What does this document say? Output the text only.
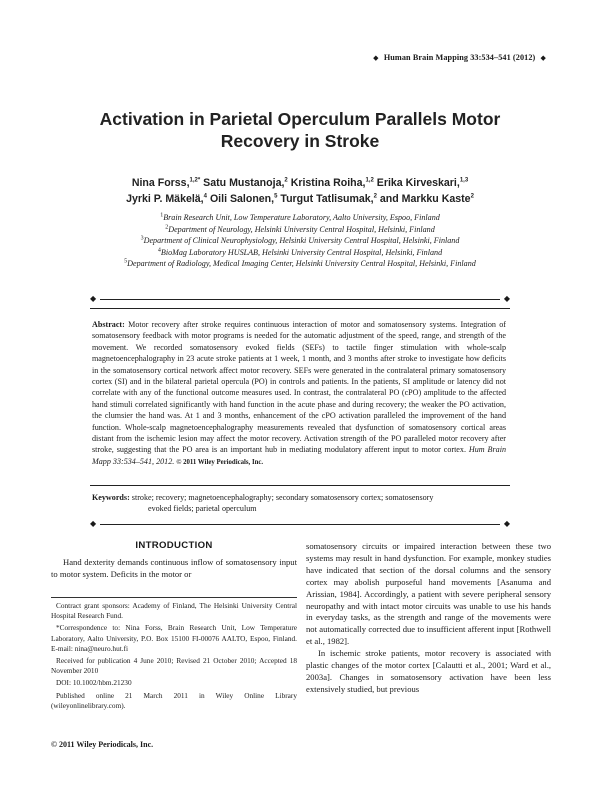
◆ Human Brain Mapping 33:534–541 (2012) ◆
Activation in Parietal Operculum Parallels Motor
Recovery in Stroke
Nina Forss,$^{1,2*}$ Satu Mustanoja,$^2$ Kristina Roiha,$^{1,2}$ Erika Kirveskari,$^{1,3}$
Jyrki P. Mäkelä,$^4$ Oili Salonen,$^5$ Turgut Tatlisumak,$^2$ and Markku Kaste$^2$
$^1$Brain Research Unit, Low Temperature Laboratory, Aalto University, Espoo, Finland
$^2$Department of Neurology, Helsinki University Central Hospital, Helsinki, Finland
$^3$Department of Clinical Neurophysiology, Helsinki University Central Hospital, Helsinki, Finland
$^4$BioMag Laboratory HUSLAB, Helsinki University Central Hospital, Helsinki, Finland
$^5$Department of Radiology, Medical Imaging Center, Helsinki University Central Hospital, Helsinki, Finland
◆	◆
Abstract: Motor recovery after stroke requires continuous interaction of motor and somatosensory systems. Integration of somatosensory feedback with motor programs is needed for the automatic adjustment of the speed, range, and strength of the movement. We recorded somatosensory evoked fields (SEFs) to tactile finger stimulation with whole-scalp magnetoencephalography in 23 acute stroke patients at 1 week, 1 month, and 3 months after stroke to investigate how deficits in the somatosensory cortical network affect motor recovery. SEFs were generated in the contralateral primary somatosensory cortex (SI) and in the bilateral parietal opercula (PO) in controls and patients. In the patients, SI amplitude or latency did not correlate with any of the functional outcome measures used. In contrast, the contralateral PO (cPO) amplitude to the affected hand stimuli correlated significantly with hand function in the acute phase and during recovery; the weaker the PO activation, the clumsier the hand was. At 1 and 3 months, enhancement of the cPO activation paralleled the improvement of the hand function. Whole-scalp magnetoencephalography measurements revealed that dysfunction of somatosensory cortical areas distant from the ischemic lesion may affect the motor recovery. Activation strength of the PO paralleled motor recovery after stroke, suggesting that the PO area is an important hub in mediating modulatory afferent input to motor cortex. Hum Brain Mapp 33:534–541, 2012. © 2011 Wiley Periodicals, Inc.
Keywords: stroke; recovery; magnetoencephalography; secondary somatosensory cortex; somatosensory
evoked fields; parietal operculum
◆	◆
INTRODUCTION

Hand dexterity demands continuous inflow of somatosensory input to motor system. Deficits in the motor or

Contract grant sponsors: Academy of Finland, The Helsinki University Central Hospital Research Fund.

*Correspondence to: Nina Forss, Brain Research Unit, Low Temperature Laboratory, Aalto University, P.O. Box 15100 FI-00076 AALTO, Espoo, Finland. E-mail: nina@neuro.hut.fi

Received for publication 4 June 2010; Revised 21 October 2010; Accepted 18 November 2010

DOI: 10.1002/hbm.21230

Published online 21 March 2011 in Wiley Online Library (wileyonlinelibrary.com).

somatosensory circuits or impaired interaction between these two systems may result in hand dysfunction. For example, monkey studies have indicated that section of the dorsal columns and the sensory cortex may abolish purposeful hand movements [Asanuma and Arissian, 1984]. Accordingly, a patient with severe peripheral sensory neuropathy and with intact motor circuits was unable to use his hands in everyday tasks, as the strength and range of the movements were not automatically corrected due to insufficient afferent input [Rothwell et al., 1982].

In ischemic stroke patients, motor recovery is associated with plastic changes of the motor cortex [Calautti et al., 2001; Ward et al., 2003a]. Changes in somatosensory activation have been less extensively studied, but previous

© 2011 Wiley Periodicals, Inc.
